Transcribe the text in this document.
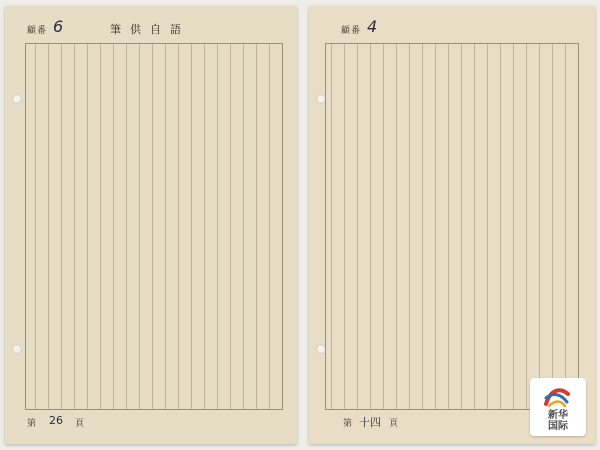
顧番 6	筆供自語
第 26 頁
顧番 4
第 十四 頁
新华
国际
